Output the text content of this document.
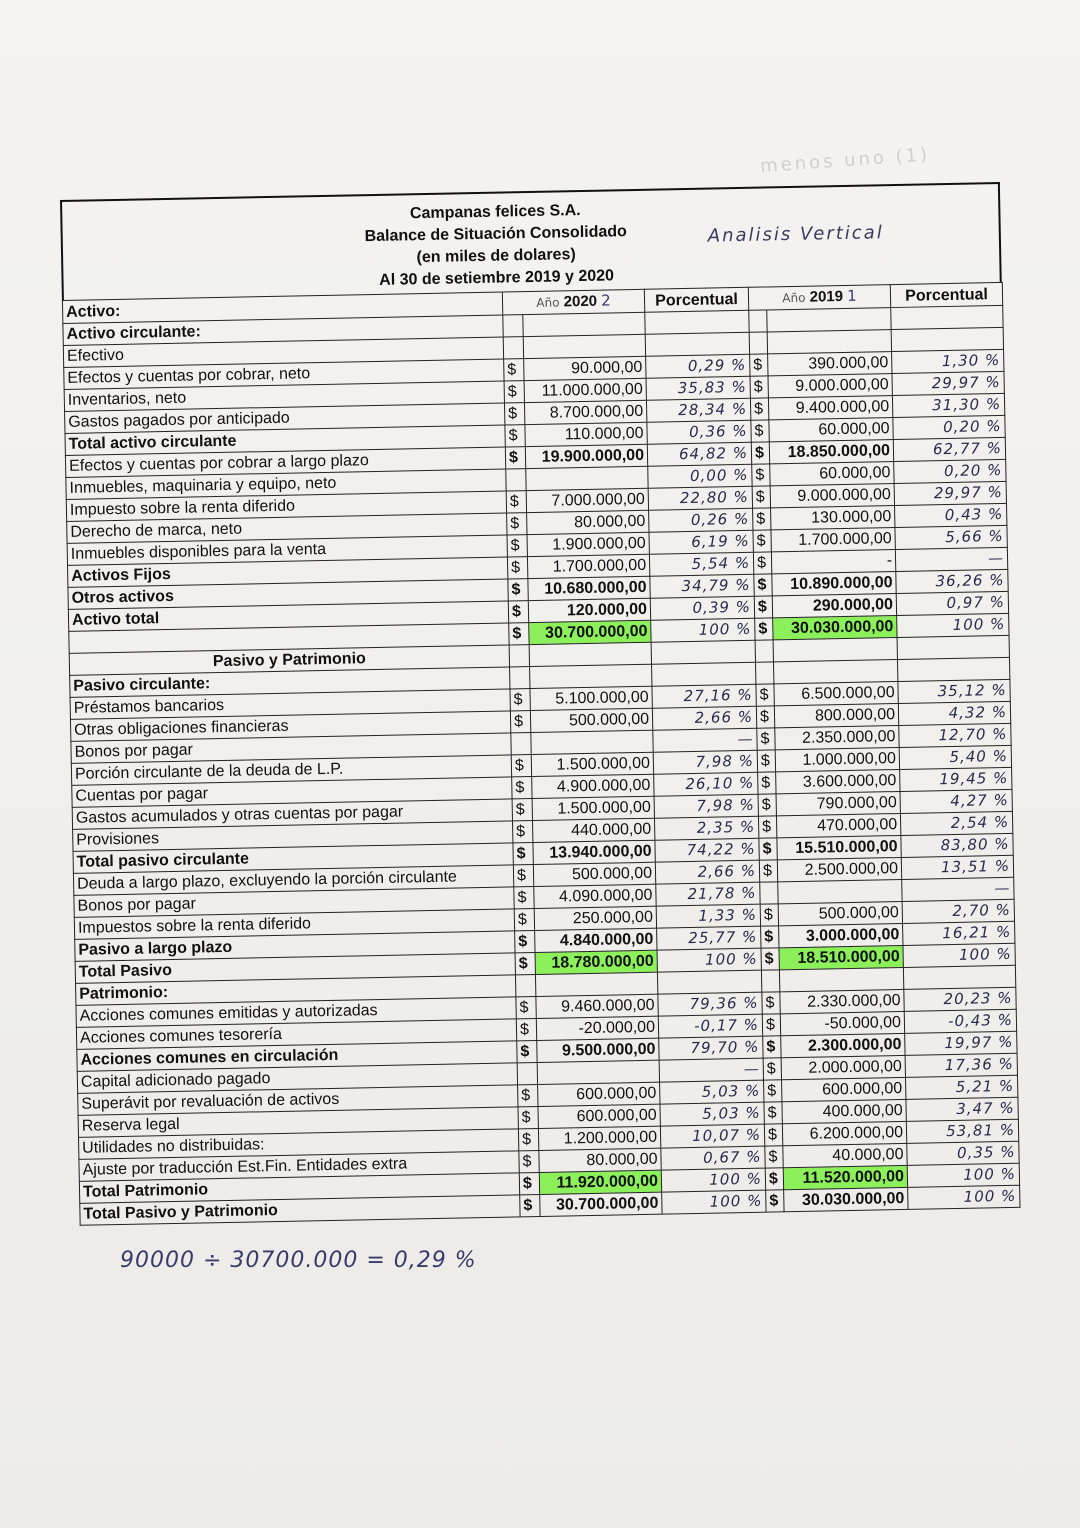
menos uno (1)
Campanas felices S.A.
Balance de Situación Consolidado
(en miles de dolares)
Al 30 de setiembre 2019 y 2020
Analisis Vertical
Activo:	Año 2020 2		Porcentual	Año 2019 1		Porcentual
Activo circulante:						
Efectivo						
Efectos y cuentas por cobrar, neto	$	90.000,00	0,29 %	$	390.000,00	1,30 %
Inventarios, neto	$	11.000.000,00	35,83 %	$	9.000.000,00	29,97 %
Gastos pagados por anticipado	$	8.700.000,00	28,34 %	$	9.400.000,00	31,30 %
Total activo circulante	$	110.000,00	0,36 %	$	60.000,00	0,20 %
Efectos y cuentas por cobrar a largo plazo	$	19.900.000,00	64,82 %	$	18.850.000,00	62,77 %
Inmuebles, maquinaria y equipo, neto			0,00 %	$	60.000,00	0,20 %
Impuesto sobre la renta diferido	$	7.000.000,00	22,80 %	$	9.000.000,00	29,97 %
Derecho de marca, neto	$	80.000,00	0,26 %	$	130.000,00	0,43 %
Inmuebles disponibles para la venta	$	1.900.000,00	6,19 %	$	1.700.000,00	5,66 %
Activos Fijos	$	1.700.000,00	5,54 %	$	-	—
Otros activos	$	10.680.000,00	34,79 %	$	10.890.000,00	36,26 %
Activo total	$	120.000,00	0,39 %	$	290.000,00	0,97 %
	$	30.700.000,00	100 %	$	30.030.000,00	100 %
Pasivo y Patrimonio						
Pasivo circulante:						
Préstamos bancarios	$	5.100.000,00	27,16 %	$	6.500.000,00	35,12 %
Otras obligaciones financieras	$	500.000,00	2,66 %	$	800.000,00	4,32 %
Bonos por pagar			—	$	2.350.000,00	12,70 %
Porción circulante de la deuda de L.P.	$	1.500.000,00	7,98 %	$	1.000.000,00	5,40 %
Cuentas por pagar	$	4.900.000,00	26,10 %	$	3.600.000,00	19,45 %
Gastos acumulados y otras cuentas por pagar	$	1.500.000,00	7,98 %	$	790.000,00	4,27 %
Provisiones	$	440.000,00	2,35 %	$	470.000,00	2,54 %
Total pasivo circulante	$	13.940.000,00	74,22 %	$	15.510.000,00	83,80 %
Deuda a largo plazo, excluyendo la porción circulante	$	500.000,00	2,66 %	$	2.500.000,00	13,51 %
Bonos por pagar	$	4.090.000,00	21,78 %			—
Impuestos sobre la renta diferido	$	250.000,00	1,33 %	$	500.000,00	2,70 %
Pasivo a largo plazo	$	4.840.000,00	25,77 %	$	3.000.000,00	16,21 %
Total Pasivo	$	18.780.000,00	100 %	$	18.510.000,00	100 %
Patrimonio:						
Acciones comunes emitidas y autorizadas	$	9.460.000,00	79,36 %	$	2.330.000,00	20,23 %
Acciones comunes tesorería	$	-20.000,00	-0,17 %	$	-50.000,00	-0,43 %
Acciones comunes en circulación	$	9.500.000,00	79,70 %	$	2.300.000,00	19,97 %
Capital adicionado pagado			—	$	2.000.000,00	17,36 %
Superávit por revaluación de activos	$	600.000,00	5,03 %	$	600.000,00	5,21 %
Reserva legal	$	600.000,00	5,03 %	$	400.000,00	3,47 %
Utilidades no distribuidas:	$	1.200.000,00	10,07 %	$	6.200.000,00	53,81 %
Ajuste por traducción Est.Fin. Entidades extra	$	80.000,00	0,67 %	$	40.000,00	0,35 %
Total Patrimonio	$	11.920.000,00	100 %	$	11.520.000,00	100 %
Total Pasivo y Patrimonio	$	30.700.000,00	100 %	$	30.030.000,00	100 %
90000 ÷ 30700.000 = 0,29 %
